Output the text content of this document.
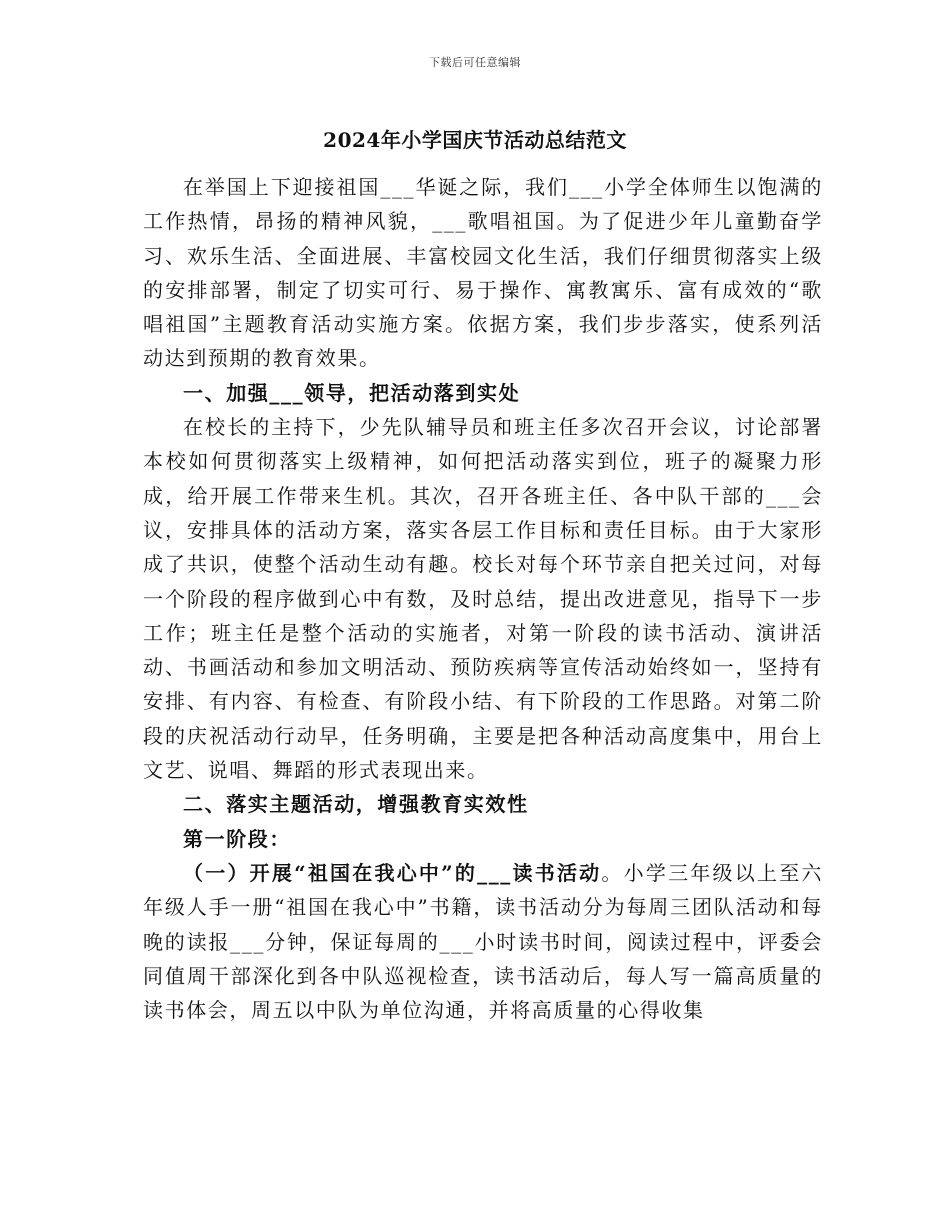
下载后可任意编辑
2024年小学国庆节活动总结范文

在举国上下迎接祖国___华诞之际，我们___小学全体师生以饱满的工作热情，昂扬的精神风貌，___歌唱祖国。为了促进少年儿童勤奋学习、欢乐生活、全面进展、丰富校园文化生活，我们仔细贯彻落实上级的安排部署，制定了切实可行、易于操作、寓教寓乐、富有成效的“歌唱祖国”主题教育活动实施方案。依据方案，我们步步落实，使系列活动达到预期的教育效果。

一、加强___领导，把活动落到实处

在校长的主持下，少先队辅导员和班主任多次召开会议，讨论部署本校如何贯彻落实上级精神，如何把活动落实到位，班子的凝聚力形成，给开展工作带来生机。其次，召开各班主任、各中队干部的___会议，安排具体的活动方案，落实各层工作目标和责任目标。由于大家形成了共识，使整个活动生动有趣。校长对每个环节亲自把关过问，对每一个阶段的程序做到心中有数，及时总结，提出改进意见，指导下一步工作；班主任是整个活动的实施者，对第一阶段的读书活动、演讲活动、书画活动和参加文明活动、预防疾病等宣传活动始终如一，坚持有安排、有内容、有检查、有阶段小结、有下阶段的工作思路。对第二阶段的庆祝活动行动早，任务明确，主要是把各种活动高度集中，用台上文艺、说唱、舞蹈的形式表现出来。

二、落实主题活动，增强教育实效性

第一阶段：

（一）开展“祖国在我心中”的___读书活动。小学三年级以上至六年级人手一册“祖国在我心中”书籍，读书活动分为每周三团队活动和每晚的读报___分钟，保证每周的___小时读书时间，阅读过程中，评委会同值周干部深化到各中队巡视检查，读书活动后，每人写一篇高质量的读书体会，周五以中队为单位沟通，并将高质量的心得收集
